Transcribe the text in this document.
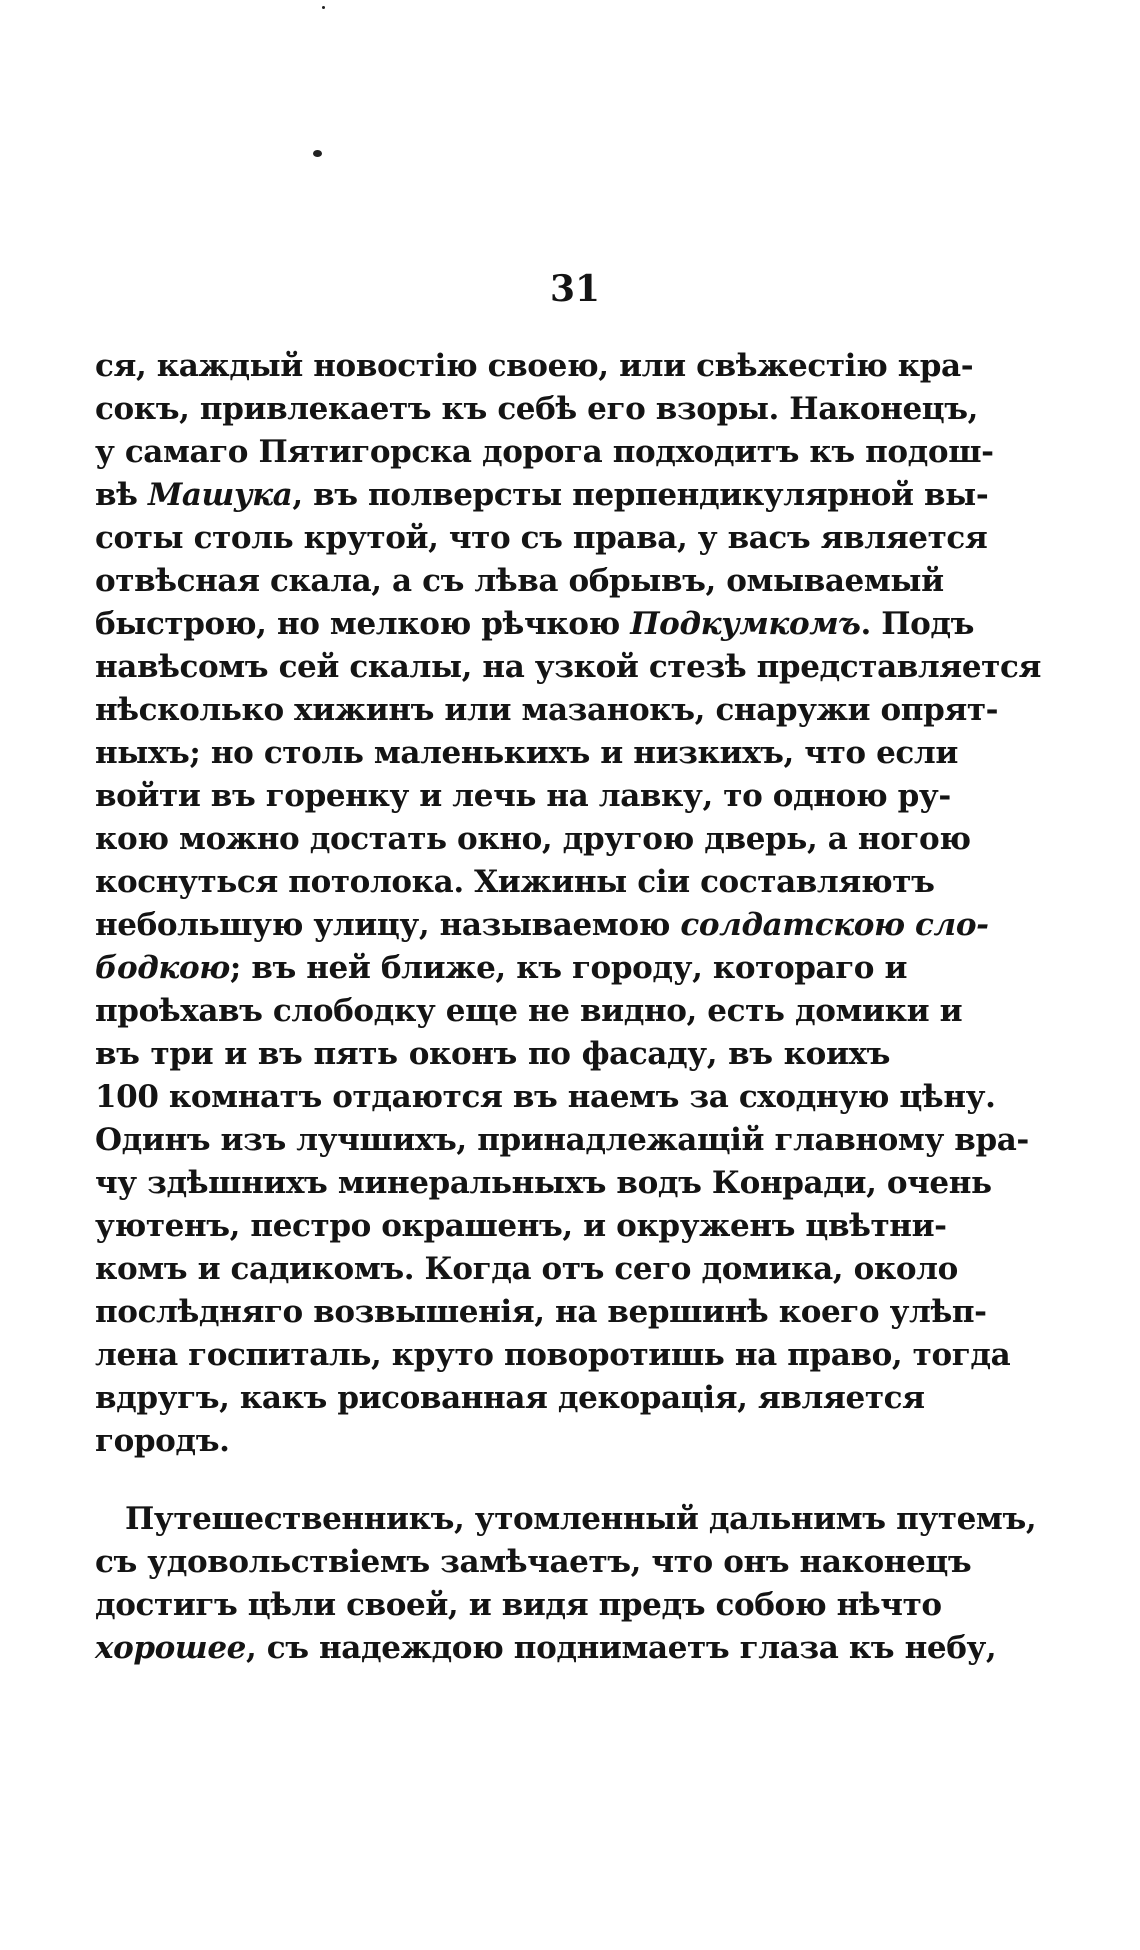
31
ся, каждый новостію своею, или свѣжестію кра-
сокъ, привлекаетъ къ себѣ его взоры. Наконецъ,
у самаго Пятигорска дорога подходитъ къ подош-
вѣ Машука, въ полверсты перпендикулярной вы-
соты столь крутой, что съ права, у васъ является
отвѣсная скала, а съ лѣва обрывъ, омываемый
быстрою, но мелкою рѣчкою Подкумкомъ. Подъ
навѣсомъ сей скалы, на узкой стезѣ представляется
нѣсколько хижинъ или мазанокъ, снаружи опрят-
ныхъ; но столь маленькихъ и низкихъ, что если
войти въ горенку и лечь на лавку, то одною ру-
кою можно достать окно, другою дверь, а ногою
коснуться потолока. Хижины сіи составляютъ
небольшую улицу, называемою солдатскою сло-
бодкою; въ ней ближе, къ городу, котораго и
проѣхавъ слободку еще не видно, есть домики и
въ три и въ пять оконъ по фасаду, въ коихъ
100 комнатъ отдаются въ наемъ за сходную цѣну.
Одинъ изъ лучшихъ, принадлежащій главному вра-
чу здѣшнихъ минеральныхъ водъ Конради, очень
уютенъ, пестро окрашенъ, и окруженъ цвѣтни-
комъ и садикомъ. Когда отъ сего домика, около
послѣдняго возвышенія, на вершинѣ коего улѣп-
лена госпиталь, круто поворотишь на право, тогда
вдругъ, какъ рисованная декорація, является
городъ.
Путешественникъ, утомленный дальнимъ путемъ,
съ удовольствіемъ замѣчаетъ, что онъ наконецъ
достигъ цѣли своей, и видя предъ собою нѣчто
хорошее, съ надеждою поднимаетъ глаза къ небу,
